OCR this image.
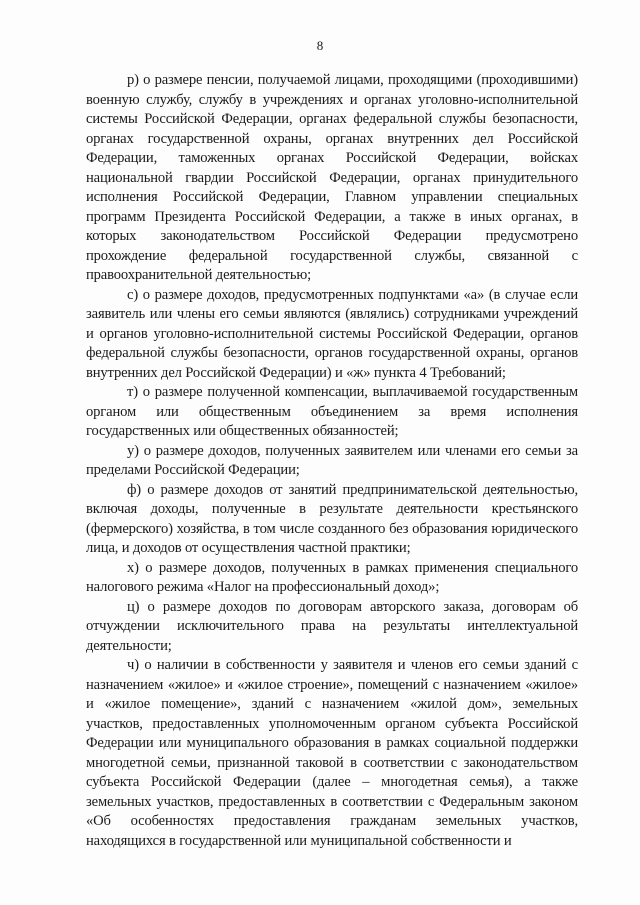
8

р) о размере пенсии, получаемой лицами, проходящими (проходившими) военную службу, службу в учреждениях и органах уголовно-исполнительной системы Российской Федерации, органах федеральной службы безопасности, органах государственной охраны, органах внутренних дел Российской Федерации, таможенных органах Российской Федерации, войсках национальной гвардии Российской Федерации, органах принудительного исполнения Российской Федерации, Главном управлении специальных программ Президента Российской Федерации, а также в иных органах, в которых законодательством Российской Федерации предусмотрено прохождение федеральной государственной службы, связанной с правоохранительной деятельностью;

с) о размере доходов, предусмотренных подпунктами «а» (в случае если заявитель или члены его семьи являются (являлись) сотрудниками учреждений и органов уголовно-исполнительной системы Российской Федерации, органов федеральной службы безопасности, органов государственной охраны, органов внутренних дел Российской Федерации) и «ж» пункта 4 Требований;

т) о размере полученной компенсации, выплачиваемой государственным органом или общественным объединением за время исполнения государственных или общественных обязанностей;

у) о размере доходов, полученных заявителем или членами его семьи за пределами Российской Федерации;

ф) о размере доходов от занятий предпринимательской деятельностью, включая доходы, полученные в результате деятельности крестьянского (фермерского) хозяйства, в том числе созданного без образования юридического лица, и доходов от осуществления частной практики;

х) о размере доходов, полученных в рамках применения специального налогового режима «Налог на профессиональный доход»;

ц) о размере доходов по договорам авторского заказа, договорам об отчуждении исключительного права на результаты интеллектуальной деятельности;

ч) о наличии в собственности у заявителя и членов его семьи зданий с назначением «жилое» и «жилое строение», помещений с назначением «жилое» и «жилое помещение», зданий с назначением «жилой дом», земельных участков, предоставленных уполномоченным органом субъекта Российской Федерации или муниципального образования в рамках социальной поддержки многодетной семьи, признанной таковой в соответствии с законодательством субъекта Российской Федерации (далее – многодетная семья), а также земельных участков, предоставленных в соответствии с Федеральным законом «Об особенностях предоставления гражданам земельных участков, находящихся в государственной или муниципальной собственности и
